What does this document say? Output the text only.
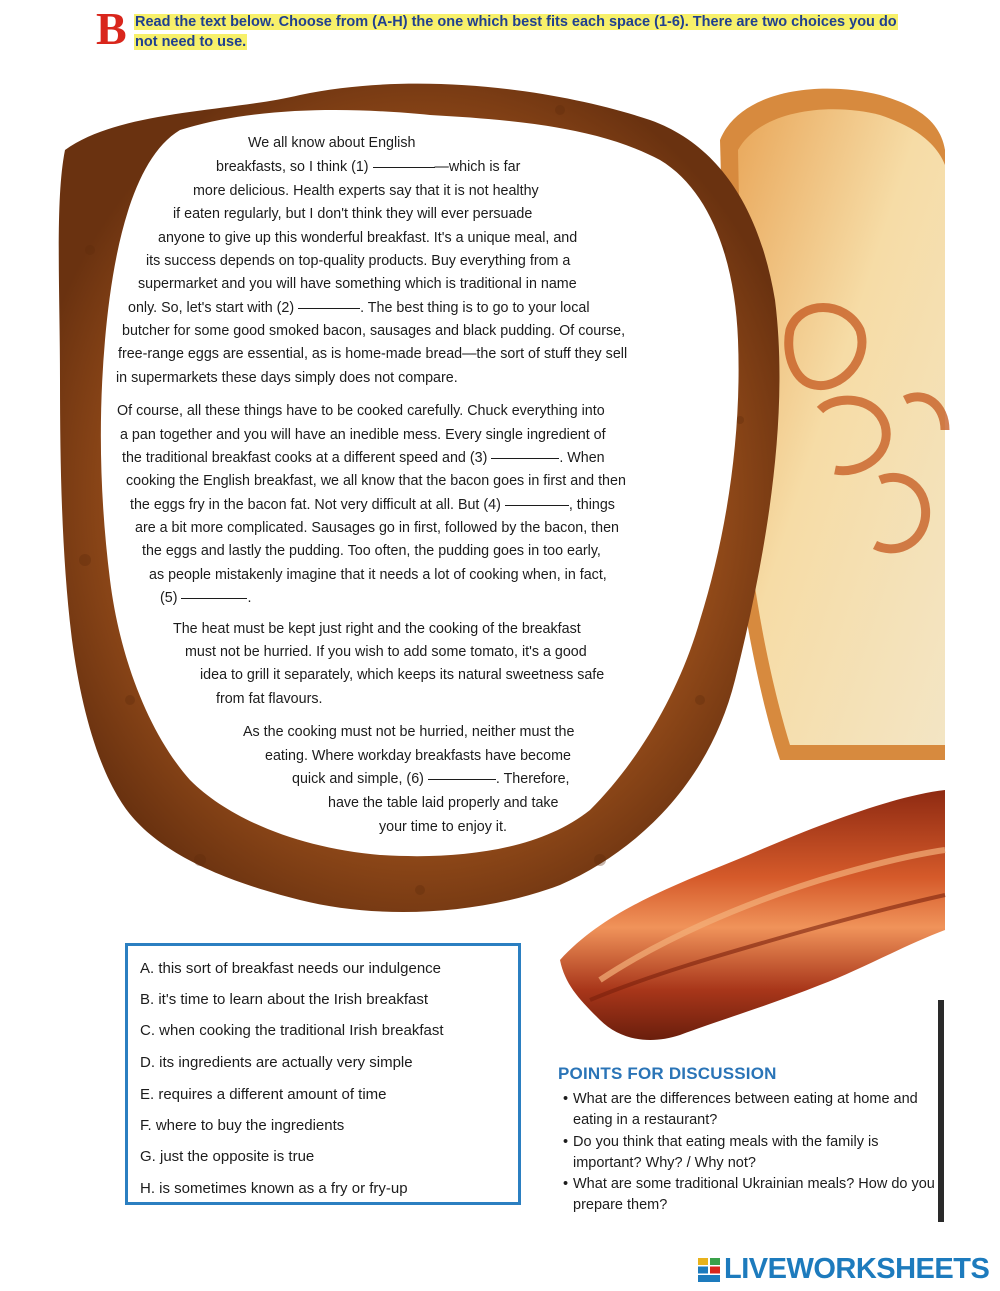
B Read the text below. Choose from (A-H) the one which best fits each space (1-6). There are two choices you do
not need to use.
We all know about English
breakfasts, so I think (1)	—which is far
more delicious. Health experts say that it is not healthy
if eaten regularly, but I don't think they will ever persuade
anyone to give up this wonderful breakfast. It's a unique meal, and
its success depends on top-quality products. Buy everything from a
supermarket and you will have something which is traditional in name
only. So, let's start with (2)	. The best thing is to go to your local
butcher for some good smoked bacon, sausages and black pudding. Of course,
free-range eggs are essential, as is home-made bread—the sort of stuff they sell
in supermarkets these days simply does not compare.
Of course, all these things have to be cooked carefully. Chuck everything into
a pan together and you will have an inedible mess. Every single ingredient of
the traditional breakfast cooks at a different speed and (3)	. When
cooking the English breakfast, we all know that the bacon goes in first and then
the eggs fry in the bacon fat. Not very difficult at all. But (4)	, things
are a bit more complicated. Sausages go in first, followed by the bacon, then
the eggs and lastly the pudding. Too often, the pudding goes in too early,
as people mistakenly imagine that it needs a lot of cooking when, in fact,
(5)	.
The heat must be kept just right and the cooking of the breakfast
must not be hurried. If you wish to add some tomato, it's a good
idea to grill it separately, which keeps its natural sweetness safe
from fat flavours.
As the cooking must not be hurried, neither must the
eating. Where workday breakfasts have become
quick and simple, (6)	. Therefore,
have the table laid properly and take
your time to enjoy it.
A. this sort of breakfast needs our indulgence
B. it's time to learn about the Irish breakfast
C. when cooking the traditional Irish breakfast
D. its ingredients are actually very simple
E. requires a different amount of time
F. where to buy the ingredients
G. just the opposite is true
H. is sometimes known as a fry or fry-up
POINTS FOR DISCUSSION
• What are the differences between eating at home and eating in a restaurant?
• Do you think that eating meals with the family is important? Why? / Why not?
• What are some traditional Ukrainian meals? How do you prepare them?
LIVEWORKSHEETS
